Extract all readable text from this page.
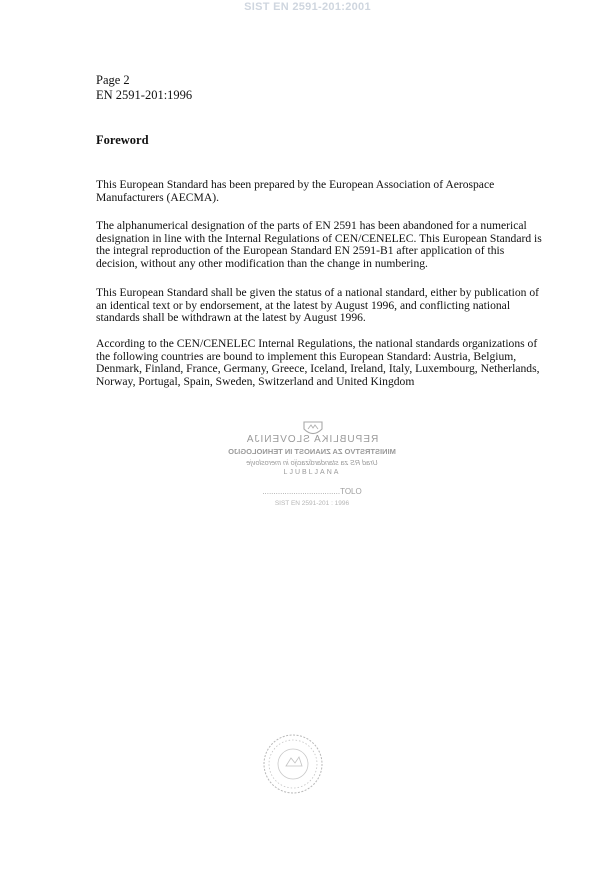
SIST EN 2591-201:2001
Page 2
EN 2591-201:1996
Foreword

This European Standard has been prepared by the European Association of Aerospace Manufacturers (AECMA).

The alphanumerical designation of the parts of EN 2591 has been abandoned for a numerical designation in line with the Internal Regulations of CEN/CENELEC. This European Standard is the integral reproduction of the European Standard EN 2591-B1 after application of this decision, without any other modification than the change in numbering.

This European Standard shall be given the status of a national standard, either by publication of an identical text or by endorsement, at the latest by August 1996, and conflicting national standards shall be withdrawn at the latest by August 1996.

According to the CEN/CENELEC Internal Regulations, the national standards organizations of the following countries are bound to implement this European Standard: Austria, Belgium, Denmark, Finland, France, Germany, Greece, Iceland, Ireland, Italy, Luxembourg, Netherlands, Norway, Portugal, Spain, Sweden, Switzerland and United Kingdom

REPUBLIKA SLOVENIJA
MINISTRSTVO ZA ZNANOST IN TEHNOLOGIJO
Urad RS za standardizacijo in meroslovje
LJUBLJANA
...................................TOLO
SIST EN 2591-201 : 1996
